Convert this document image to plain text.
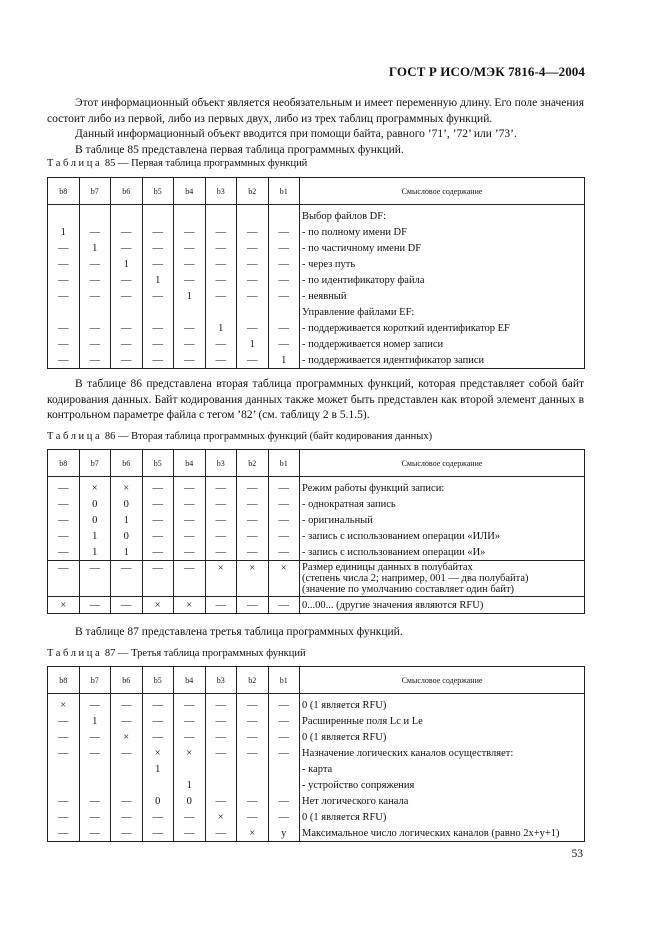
ГОСТ Р ИСО/МЭК 7816-4—2004

Этот информационный объект является необязательным и имеет переменную длину. Его поле значения состоит либо из первой, либо из первых двух, либо из трех таблиц программных функций.

Данный информационный объект вводится при помощи байта, равного ’71’, ’72’ или ’73’.

В таблице 85 представлена первая таблица программных функций.

Таблица 85 — Первая таблица программных функций
b8	b7	b6	b5	b4	b3	b2	b1	Смысловое содержание

								Выбор файлов DF:
1	—	—	—	—	—	—	—	- по полному имени DF
—	1	—	—	—	—	—	—	- по частичному имени DF
—	—	1	—	—	—	—	—	- через путь
—	—	—	1	—	—	—	—	- по идентификатору файла
—	—	—	—	1	—	—	—	- неявный
								Управление файлами EF:
—	—	—	—	—	1	—	—	- поддерживается короткий идентификатор EF
—	—	—	—	—	—	1	—	- поддерживается номер записи
—	—	—	—	—	—	—	1	- поддерживается идентификатор записи

В таблице 86 представлена вторая таблица программных функций, которая представляет собой байт кодирования данных. Байт кодирования данных также может быть представлен как второй элемент данных в контрольном параметре файла с тегом ’82’ (см. таблицу 2 в 5.1.5).

Таблица 86 — Вторая таблица программных функций (байт кодирования данных)
b8	b7	b6	b5	b4	b3	b2	b1	Смысловое содержание

—	×	×	—	—	—	—	—	Режим работы функций записи:
—	0	0	—	—	—	—	—	- однократная запись
—	0	1	—	—	—	—	—	- оригинальный
—	1	0	—	—	—	—	—	- запись с использованием операции «ИЛИ»
—	1	1	—	—	—	—	—	- запись с использованием операции «И»
—	—	—	—	—	×	×	×	Размер единицы данных в полубайтах
(степень числа 2; например, 001 — два полубайта)
(значение по умолчанию составляет один байт)

×	—	—	×	×	—	—	—	0...00... (другие значения являются RFU)

В таблице 87 представлена третья таблица программных функций.

Таблица 87 — Третья таблица программных функций
b8	b7	b6	b5	b4	b3	b2	b1	Смысловое содержание

×	—	—	—	—	—	—	—	0 (1 является RFU)
—	1	—	—	—	—	—	—	Расширенные поля Lc и Le
—	—	×	—	—	—	—	—	0 (1 является RFU)
—	—	—	×	×	—	—	—	Назначение логических каналов осуществляет:
			1					- карта
				1				- устройство сопряжения
—	—	—	0	0	—	—	—	Нет логического канала
—	—	—	—	—	×	—	—	0 (1 является RFU)
—	—	—	—	—	—	×	у	Максимальное число логических каналов (равно 2x+y+1)
53
